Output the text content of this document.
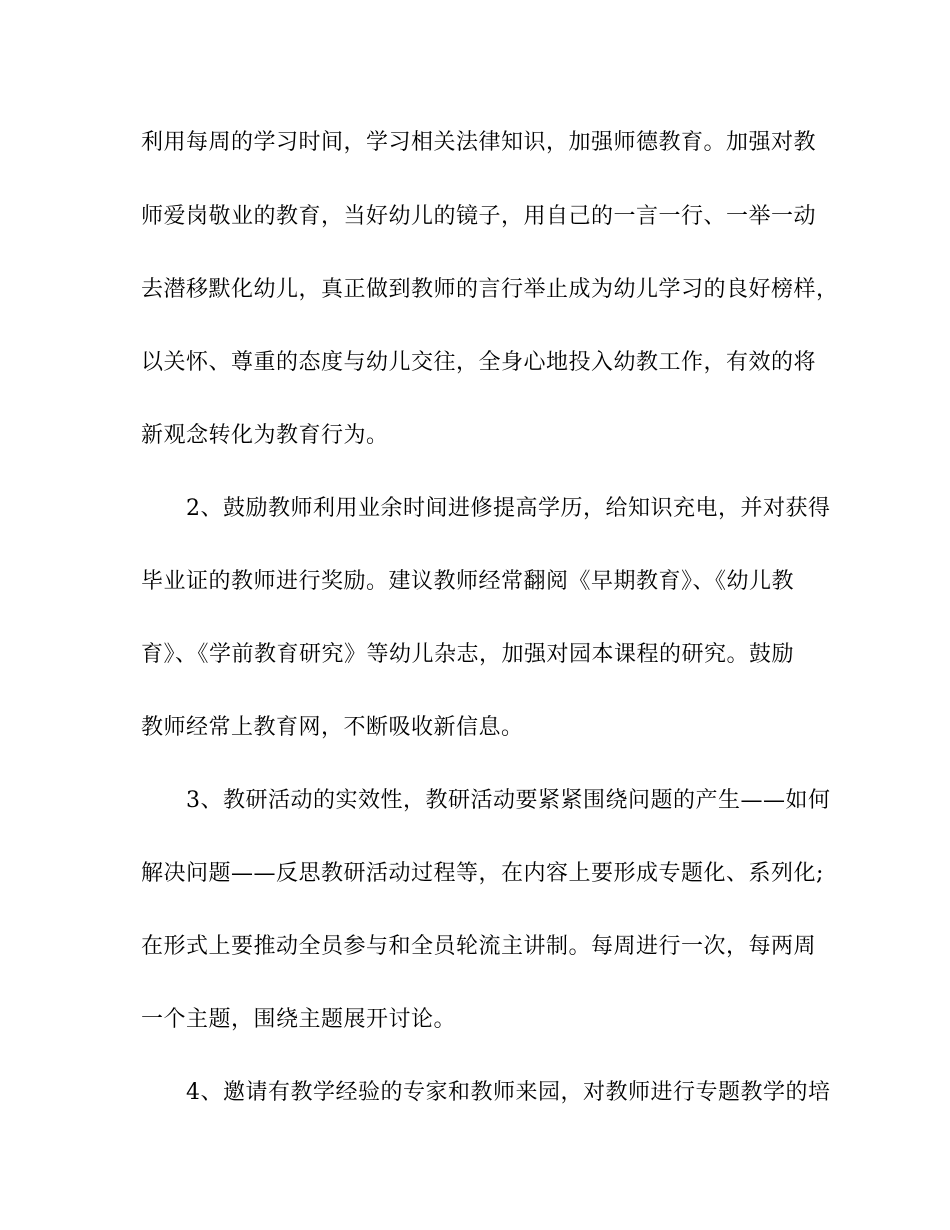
利用每周的学习时间，学习相关法律知识，加强师德教育。加强对教
师爱岗敬业的教育，当好幼儿的镜子，用自己的一言一行、一举一动
去潜移默化幼儿，真正做到教师的言行举止成为幼儿学习的良好榜样，
以关怀、尊重的态度与幼儿交往，全身心地投入幼教工作，有效的将
新观念转化为教育行为。
2、鼓励教师利用业余时间进修提高学历，给知识充电，并对获得
毕业证的教师进行奖励。建议教师经常翻阅《早期教育》、《幼儿教
育》、《学前教育研究》等幼儿杂志，加强对园本课程的研究。鼓励
教师经常上教育网，不断吸收新信息。
3、教研活动的实效性，教研活动要紧紧围绕问题的产生——如何
解决问题——反思教研活动过程等，在内容上要形成专题化、系列化;
在形式上要推动全员参与和全员轮流主讲制。每周进行一次，每两周
一个主题，围绕主题展开讨论。
4、邀请有教学经验的专家和教师来园，对教师进行专题教学的培
